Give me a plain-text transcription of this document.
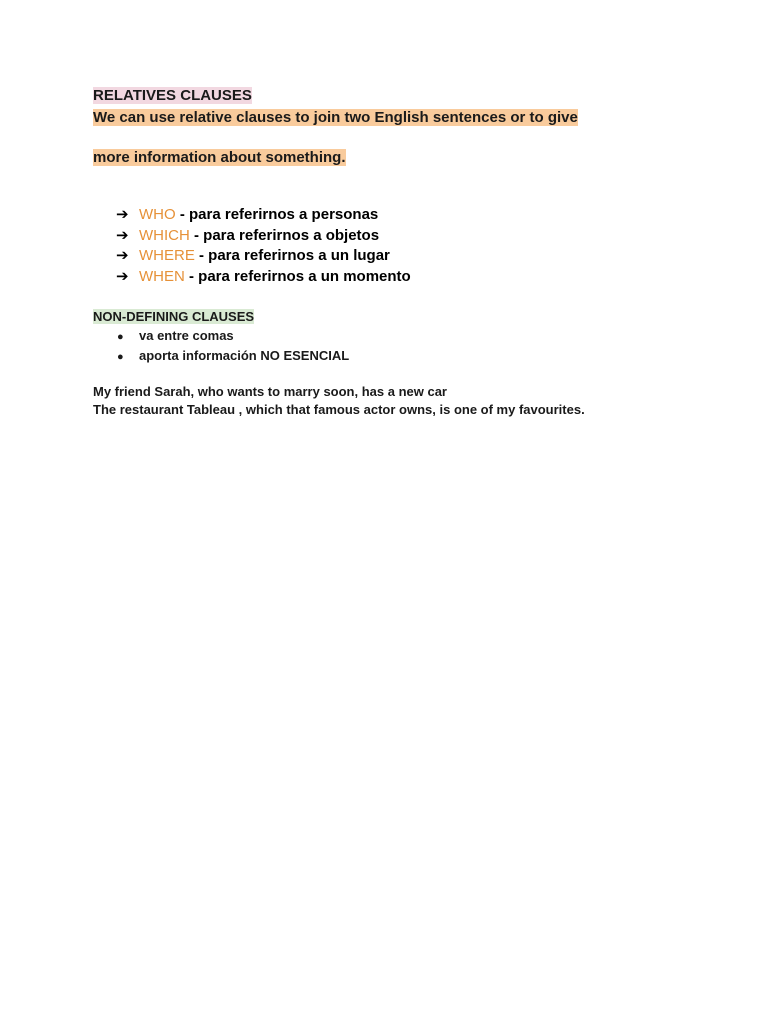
RELATIVES CLAUSES

We can use relative clauses to join two English sentences or to give

more information about something.

➔ WHO - para referirnos a personas
➔ WHICH - para referirnos a objetos
➔ WHERE - para referirnos a un lugar
➔ WHEN - para referirnos a un momento

NON-DEFINING CLAUSES

● va entre comas
● aporta información NO ESENCIAL

My friend Sarah, who wants to marry soon, has a new car

The restaurant Tableau , which that famous actor owns, is one of my favourites.
